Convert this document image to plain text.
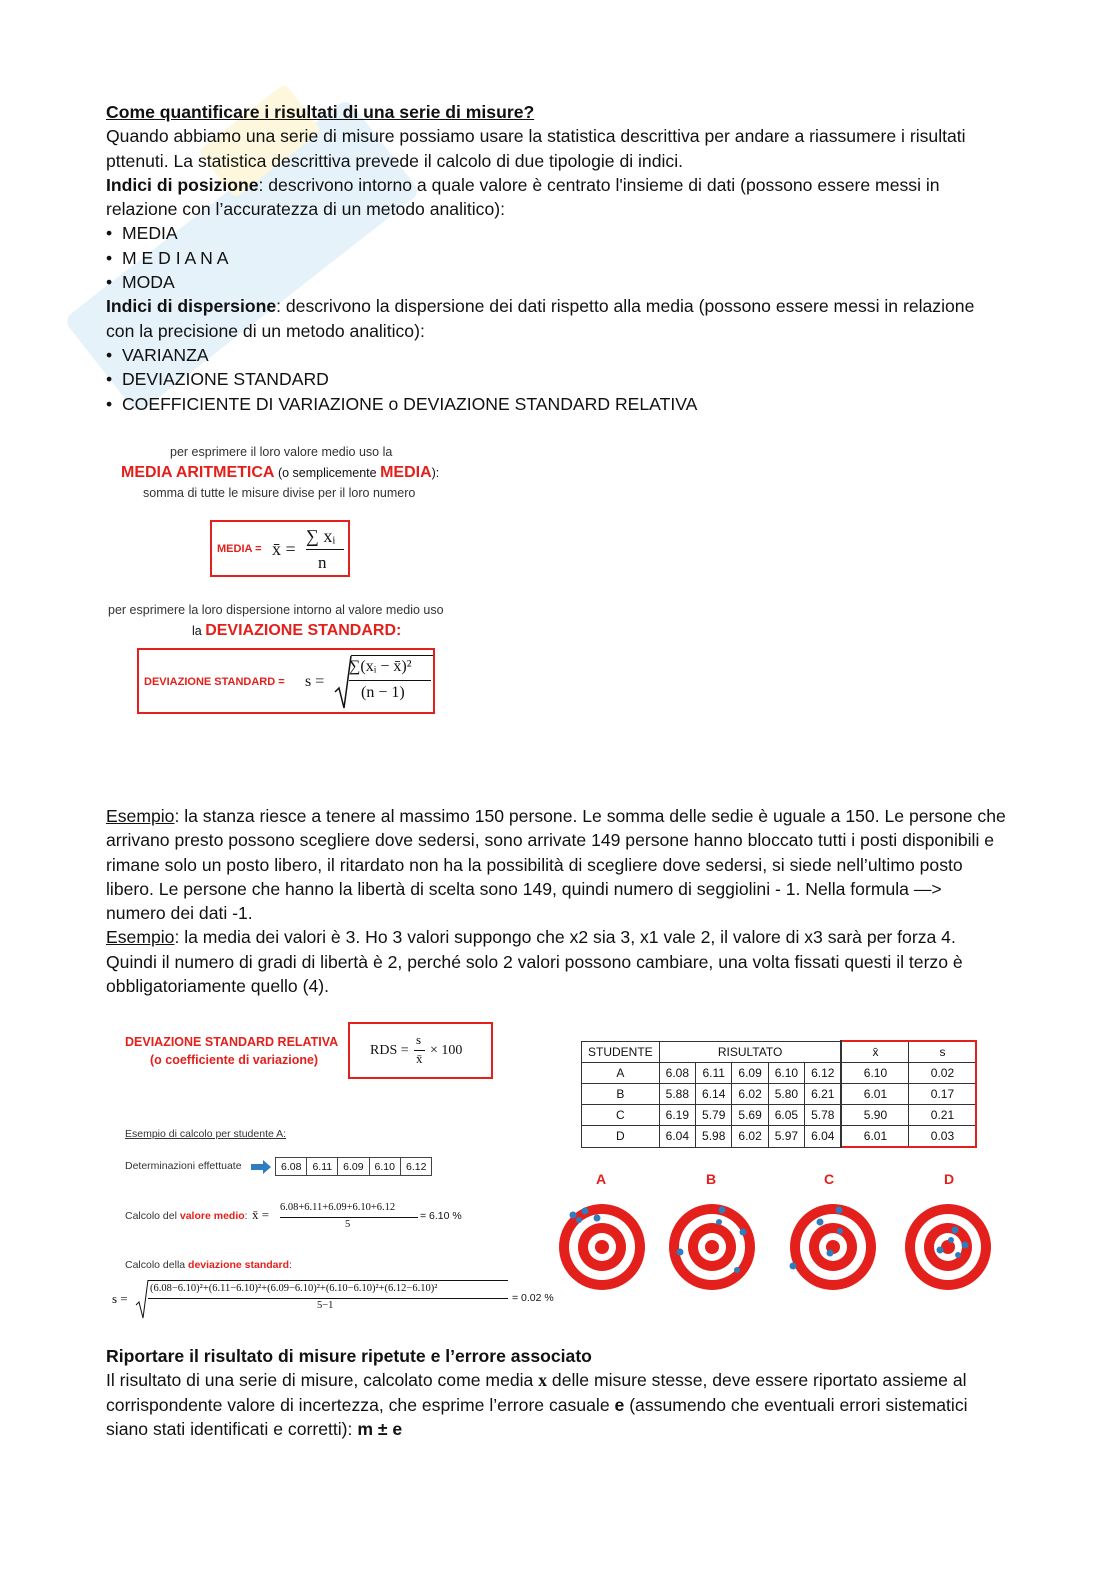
Come quantificare i risultati di una serie di misure?
Quando abbiamo una serie di misure possiamo usare la statistica descrittiva per andare a riassumere i risultati pttenuti. La statistica descrittiva prevede il calcolo di due tipologie di indici.
Indici di posizione: descrivono intorno a quale valore è centrato l'insieme di dati (possono essere messi in relazione con l’accuratezza di un metodo analitico):
•  MEDIA
•  M E D I A N A
•  MODA
Indici di dispersione: descrivono la dispersione dei dati rispetto alla media (possono essere messi in relazione con la precisione di un metodo analitico):
•  VARIANZA
•  DEVIAZIONE STANDARD
•  COEFFICIENTE DI VARIAZIONE o DEVIAZIONE STANDARD RELATIVA
per esprimere il loro valore medio uso la
MEDIA ARITMETICA (o semplicemente MEDIA):
somma di tutte le misure divise per il loro numero
MEDIA = x̄ =
∑ xᵢ
n
per esprimere la loro dispersione intorno al valore medio uso
la DEVIAZIONE STANDARD:
DEVIAZIONE STANDARD = s =
∑(xᵢ − x̄)²
(n − 1)
Esempio: la stanza riesce a tenere al massimo 150 persone. Le somma delle sedie è uguale a 150. Le persone che arrivano presto possono scegliere dove sedersi, sono arrivate 149 persone hanno bloccato tutti i posti disponibili e rimane solo un posto libero, il ritardato non ha la possibilità di scegliere dove sedersi, si siede nell’ultimo posto libero. Le persone che hanno la libertà di scelta sono 149, quindi numero di seggiolini - 1. Nella formula —> numero dei dati -1.
Esempio: la media dei valori è 3. Ho 3 valori suppongo che x2 sia 3, x1 vale 2, il valore di x3 sarà per forza 4. Quindi il numero di gradi di libertà è 2, perché solo 2 valori possono cambiare, una volta fissati questi il terzo è obbligatoriamente quello (4).
DEVIAZIONE STANDARD RELATIVA
(o coefficiente di variazione)
RDS =
s
x̄
× 100
Esempio di calcolo per studente A:
Determinazioni effettuate	6.08	6.11	6.09	6.10	6.12
Calcolo del valore medio: x̄ = 6.08+6.11+6.09+6.10+6.12
5
= 6.10 %
Calcolo della deviazione standard:
s =
(6.08−6.10)²+(6.11−6.10)²+(6.09−6.10)²+(6.10−6.10)²+(6.12−6.10)²
5−1
= 0.02 %
STUDENTE	RISULTATO					x̄	s
A	6.08	6.11	6.09	6.10	6.12	6.10	0.02
B	5.88	6.14	6.02	5.80	6.21	6.01	0.17
C	6.19	5.79	5.69	6.05	5.78	5.90	0.21
D	6.04	5.98	6.02	5.97	6.04	6.01	0.03
A	B	C	D
Riportare il risultato di misure ripetute e l’errore associato
Il risultato di una serie di misure, calcolato come media x delle misure stesse, deve essere riportato assieme al corrispondente valore di incertezza, che esprime l’errore casuale e (assumendo che eventuali errori sistematici siano stati identificati e corretti): m ± e
